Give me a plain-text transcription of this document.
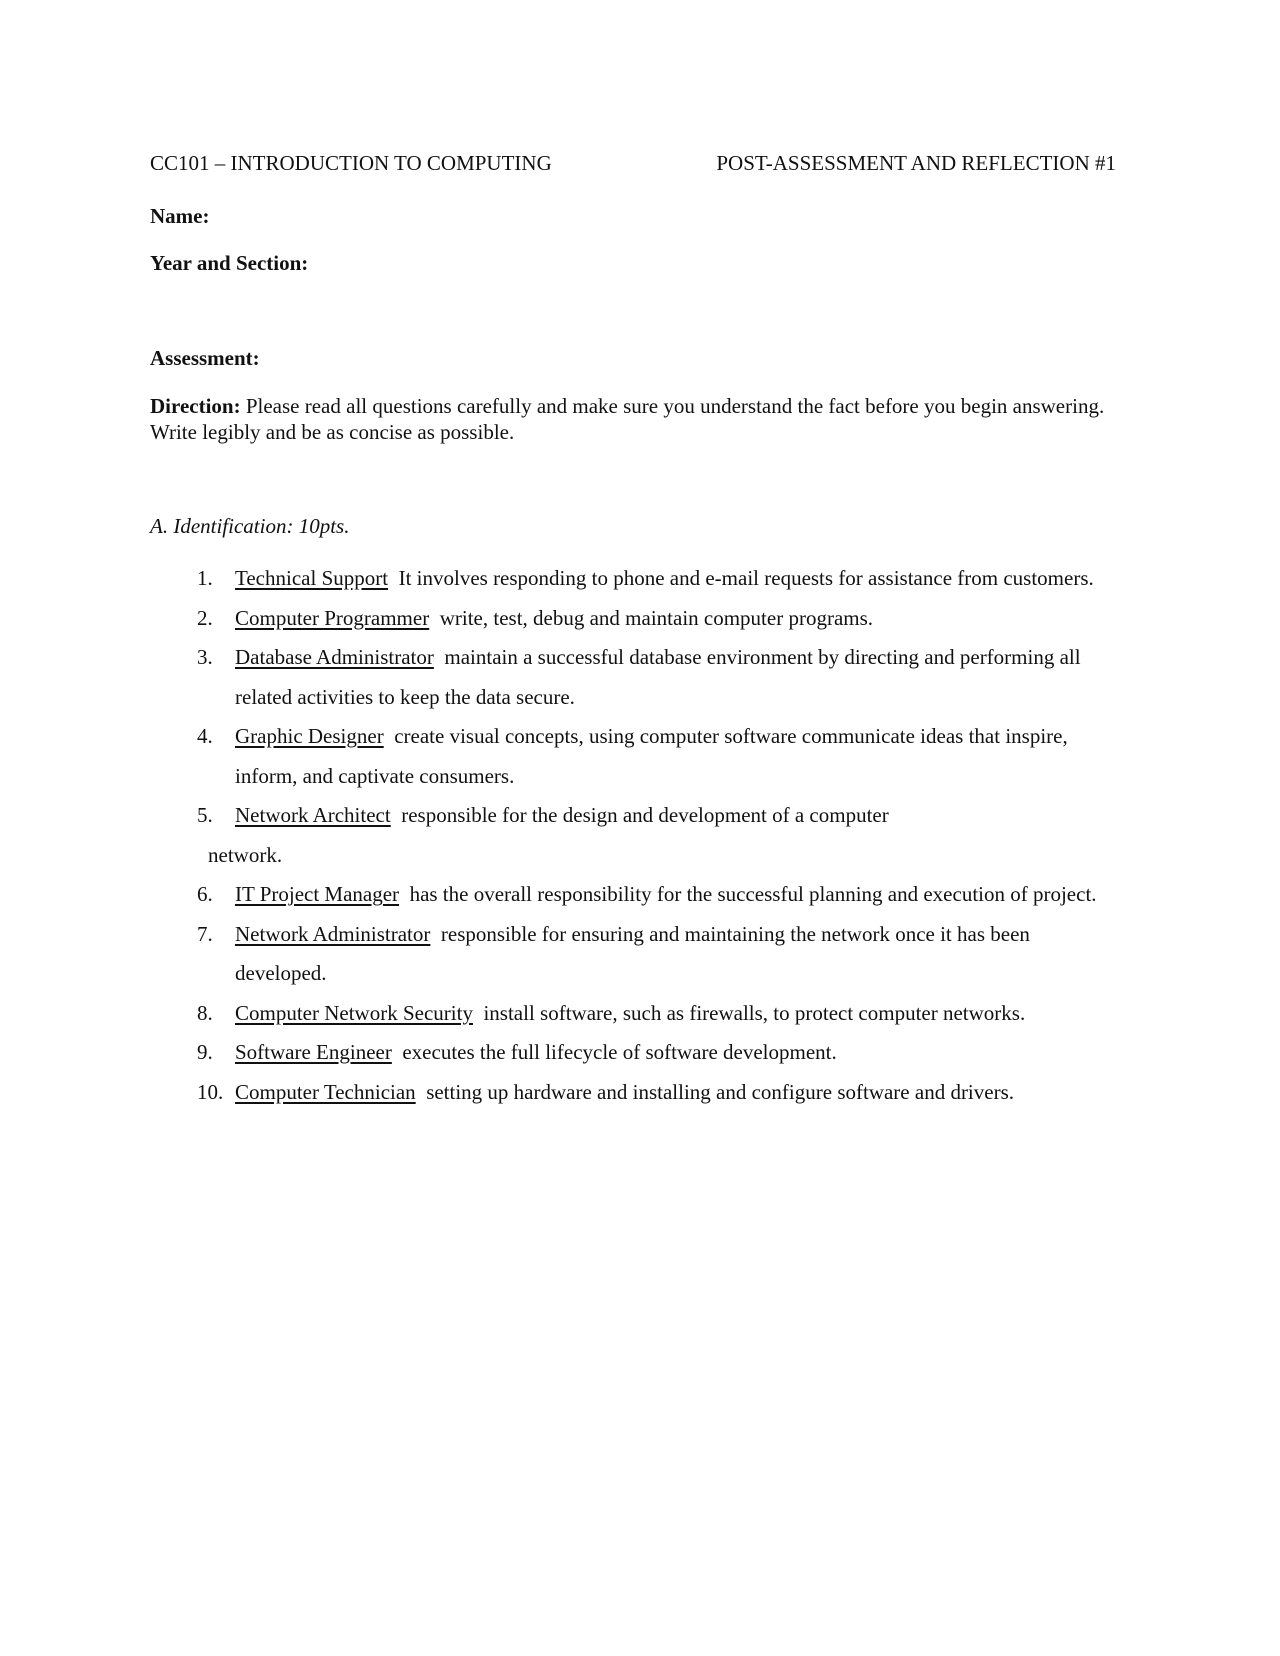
CC101 – INTRODUCTION TO COMPUTING	POST-ASSESSMENT AND REFLECTION #1
Name:
Year and Section:
Assessment:
Direction: Please read all questions carefully and make sure you understand the fact before you begin answering. Write legibly and be as concise as possible.
A. Identification: 10pts.
1.	Technical Support  It involves responding to phone and e-mail requests for assistance from customers.
2.	Computer Programmer  write, test, debug and maintain computer programs.
3.	Database Administrator  maintain a successful database environment by directing and performing all related activities to keep the data secure.
4.	Graphic Designer  create visual concepts, using computer software communicate ideas that inspire, inform, and captivate consumers.
5.	Network Architect  responsible for the design and development of a computer
network.
6.	IT Project Manager  has the overall responsibility for the successful planning and execution of project.
7.	Network Administrator  responsible for ensuring and maintaining the network once it has been developed.
8.	Computer Network Security  install software, such as firewalls, to protect computer networks.
9.	Software Engineer  executes the full lifecycle of software development.
10. Computer Technician  setting up hardware and installing and configure software and drivers.
